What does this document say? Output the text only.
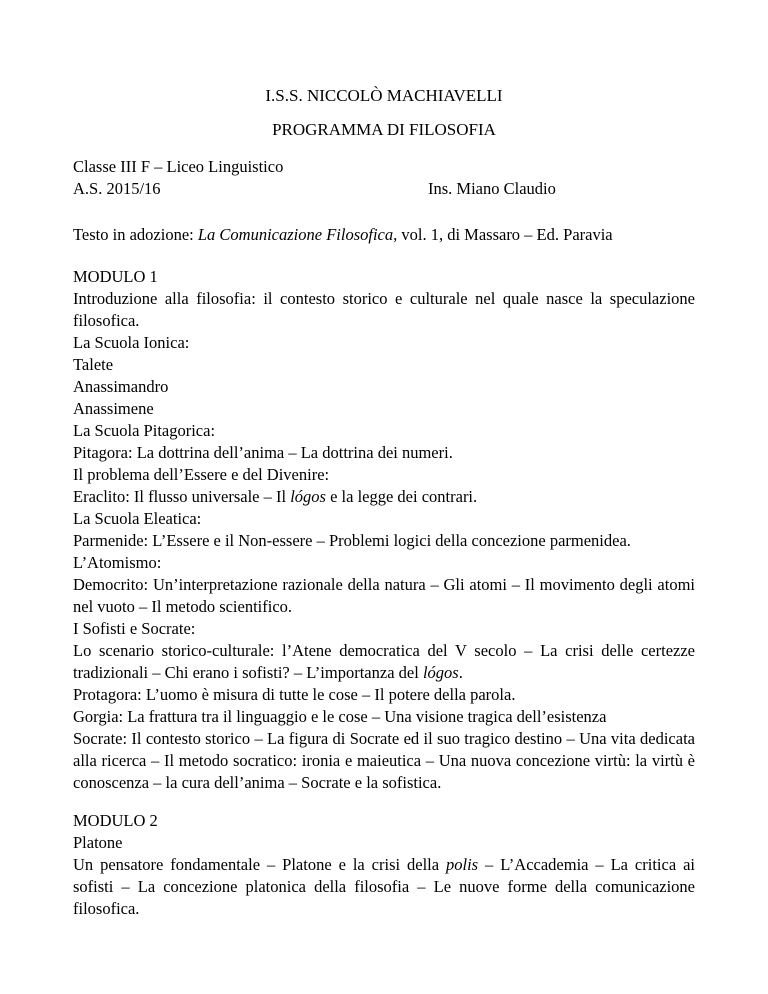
I.S.S. NICCOLÒ MACHIAVELLI
PROGRAMMA DI FILOSOFIA
Classe III F – Liceo Linguistico
A.S. 2015/16	Ins. Miano Claudio
Testo in adozione: La Comunicazione Filosofica, vol. 1, di Massaro – Ed. Paravia

MODULO 1

Introduzione alla filosofia: il contesto storico e culturale nel quale nasce la speculazione filosofica.

La Scuola Ionica:

Talete

Anassimandro

Anassimene

La Scuola Pitagorica:

Pitagora: La dottrina dell’anima – La dottrina dei numeri.

Il problema dell’Essere e del Divenire:

Eraclito: Il flusso universale – Il lógos e la legge dei contrari.

La Scuola Eleatica:

Parmenide: L’Essere e il Non-essere – Problemi logici della concezione parmenidea.

L’Atomismo:

Democrito: Un’interpretazione razionale della natura – Gli atomi – Il movimento degli atomi nel vuoto – Il metodo scientifico.

I Sofisti e Socrate:

Lo scenario storico-culturale: l’Atene democratica del V secolo – La crisi delle certezze tradizionali – Chi erano i sofisti? – L’importanza del lógos.

Protagora: L’uomo è misura di tutte le cose – Il potere della parola.

Gorgia: La frattura tra il linguaggio e le cose – Una visione tragica dell’esistenza

Socrate: Il contesto storico – La figura di Socrate ed il suo tragico destino – Una vita dedicata alla ricerca – Il metodo socratico: ironia e maieutica – Una nuova concezione virtù: la virtù è conoscenza – la cura dell’anima – Socrate e la sofistica.

MODULO 2

Platone

Un pensatore fondamentale – Platone e la crisi della polis – L’Accademia – La critica ai sofisti – La concezione platonica della filosofia – Le nuove forme della comunicazione filosofica.
